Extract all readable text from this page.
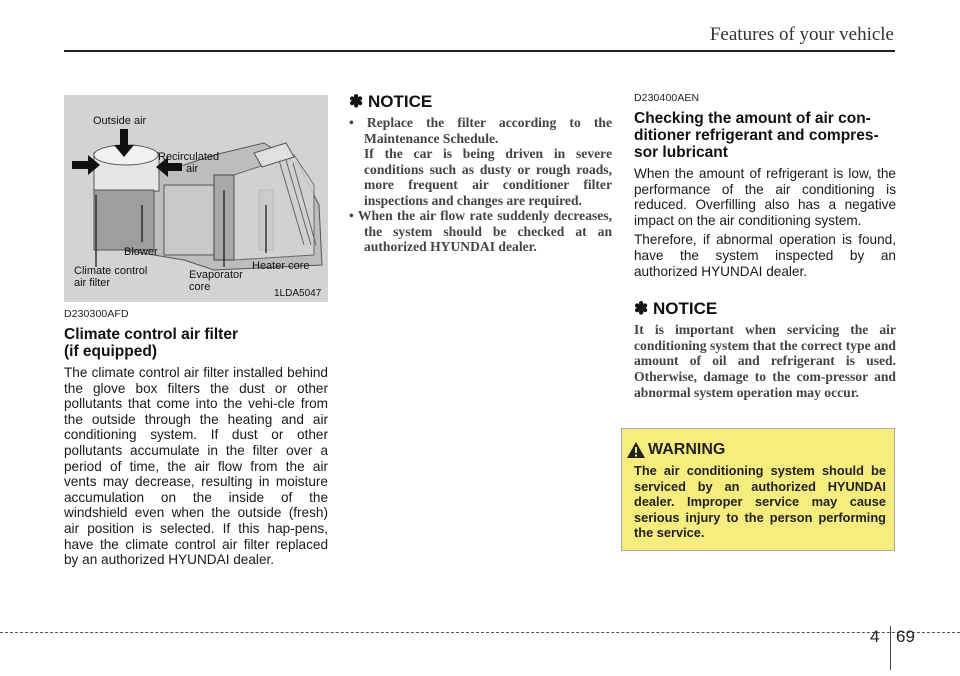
Features of your vehicle
Outside air
Recirculated
air
Blower
Climate control
air filter
Evaporator
core
Heater core
1LDA5047
D230300AFD
Climate control air filter
(if equipped)

The climate control air filter installed behind the glove box filters the dust or other pollutants that come into the vehi-cle from the outside through the heating and air conditioning system. If dust or other pollutants accumulate in the filter over a period of time, the air flow from the air vents may decrease, resulting in moisture accumulation on the inside of the windshield even when the outside (fresh) air position is selected. If this hap-pens, have the climate control air filter replaced by an authorized HYUNDAI dealer.

✽ NOTICE
• Replace the filter according to the Maintenance Schedule.
If the car is being driven in severe conditions such as dusty or rough roads, more frequent air conditioner filter inspections and changes are required.
• When the air flow rate suddenly decreases, the system should be checked at an authorized HYUNDAI dealer.
D230400AEN
Checking the amount of air con-
ditioner refrigerant and compres-
sor lubricant

When the amount of refrigerant is low, the performance of the air conditioning is reduced. Overfilling also has a negative impact on the air conditioning system.

Therefore, if abnormal operation is found, have the system inspected by an authorized HYUNDAI dealer.

✽ NOTICE

It is important when servicing the air conditioning system that the correct type and amount of oil and refrigerant is used. Otherwise, damage to the com-pressor and abnormal system operation may occur.

WARNING

The air conditioning system should be serviced by an authorized HYUNDAI dealer. Improper service may cause serious injury to the person performing the service.

4 69
